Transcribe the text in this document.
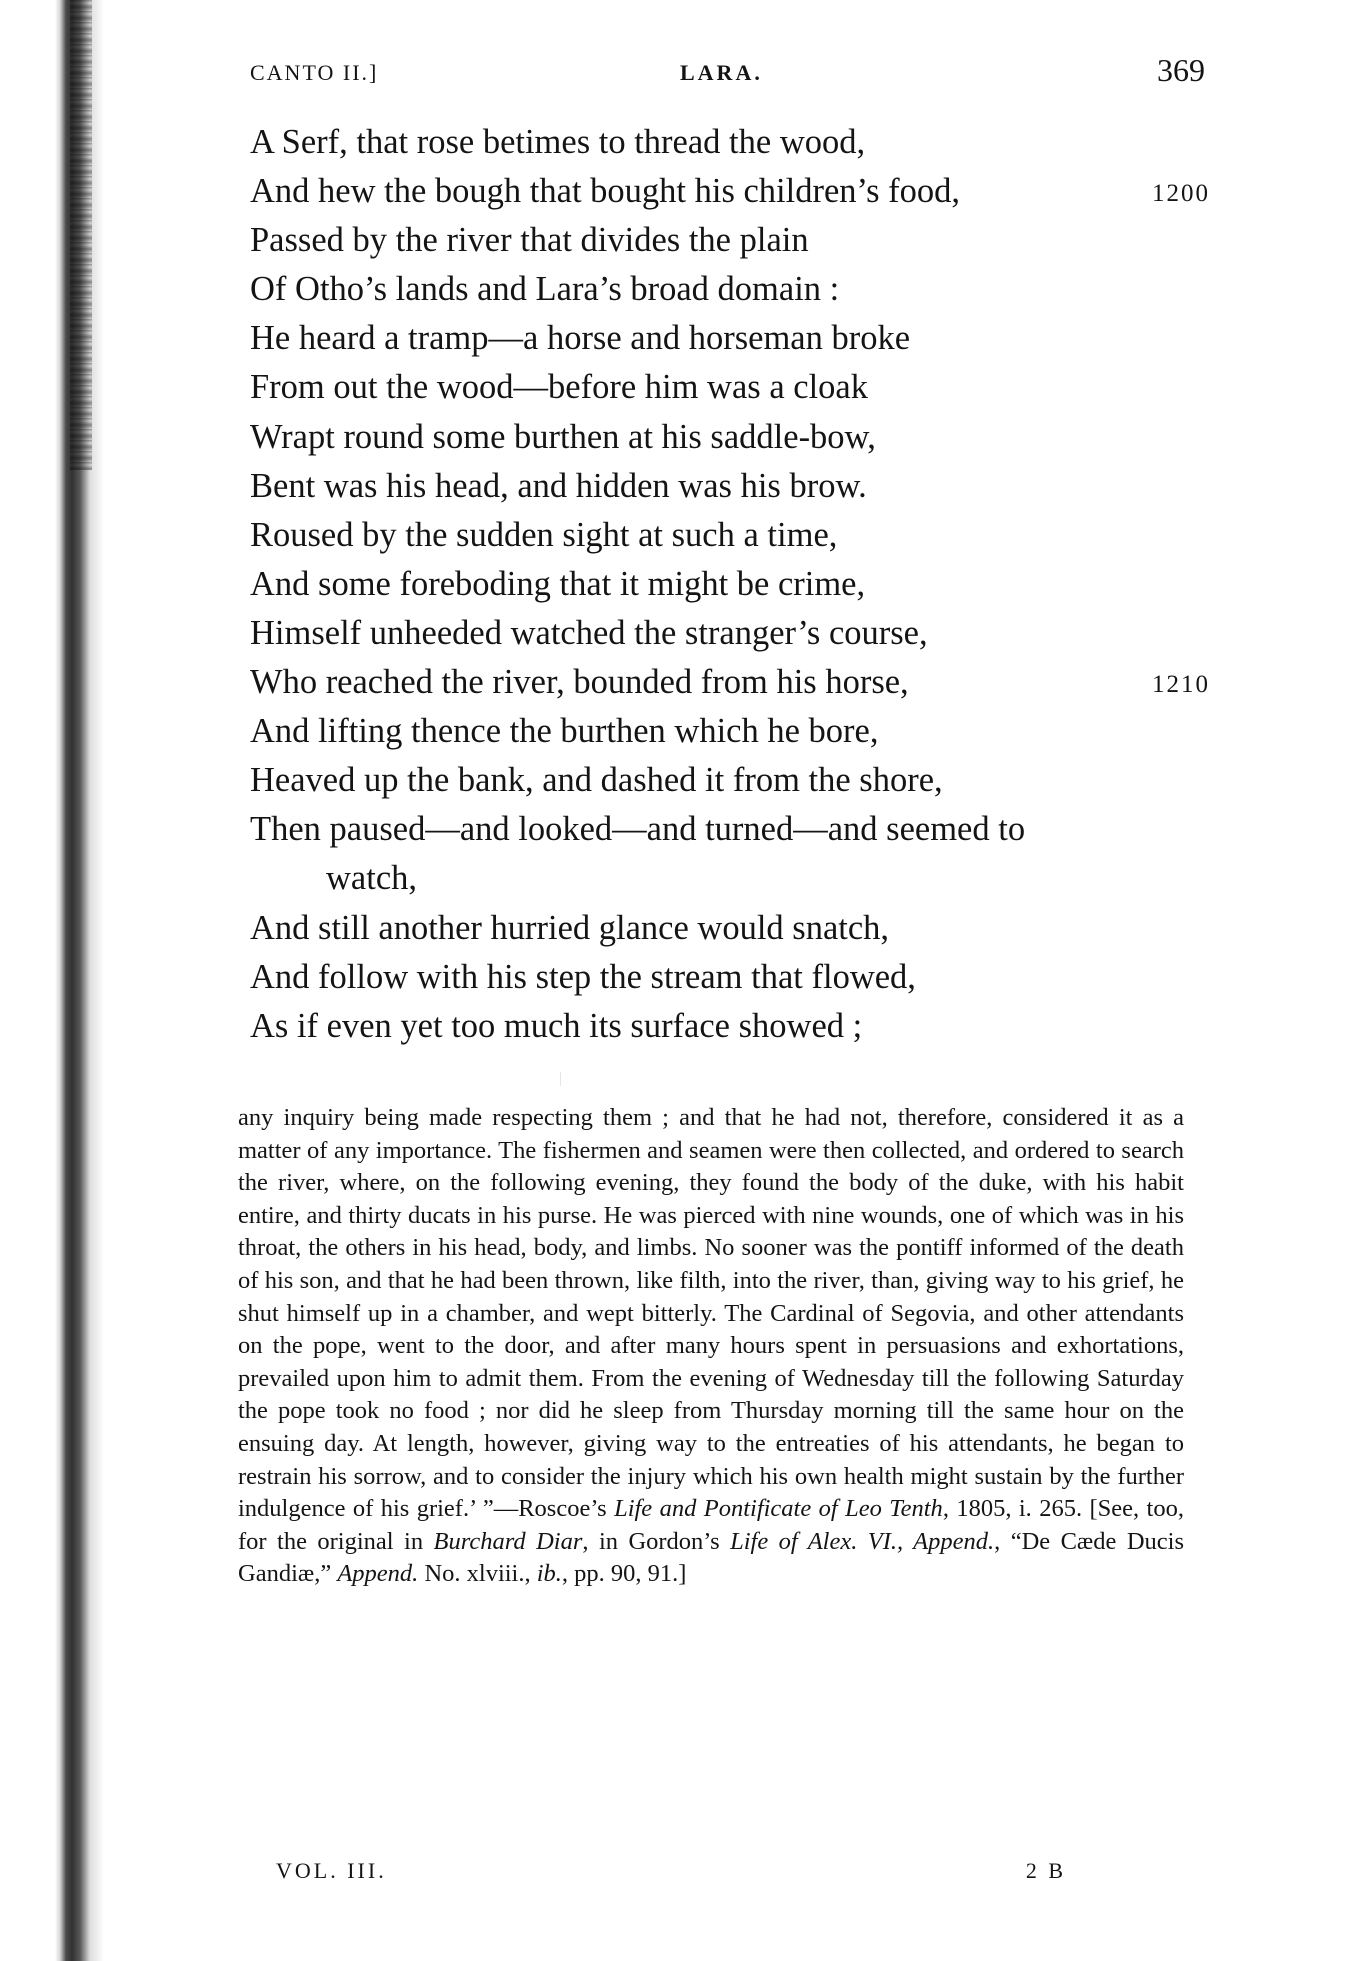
CANTO II.]	LARA.	369
A Serf, that rose betimes to thread the wood,
And hew the bough that bought his children’s food,	1200
Passed by the river that divides the plain
Of Otho’s lands and Lara’s broad domain :
He heard a tramp—a horse and horseman broke
From out the wood—before him was a cloak
Wrapt round some burthen at his saddle-bow,
Bent was his head, and hidden was his brow.
Roused by the sudden sight at such a time,
And some foreboding that it might be crime,
Himself unheeded watched the stranger’s course,
Who reached the river, bounded from his horse,	1210
And lifting thence the burthen which he bore,
Heaved up the bank, and dashed it from the shore,
Then paused—and looked—and turned—and seemed to
watch,
And still another hurried glance would snatch,
And follow with his step the stream that flowed,
As if even yet too much its surface showed ;

any inquiry being made respecting them ; and that he had not, therefore, considered it as a matter of any importance. The fishermen and seamen were then collected, and ordered to search the river, where, on the following evening, they found the body of the duke, with his habit entire, and thirty ducats in his purse. He was pierced with nine wounds, one of which was in his throat, the others in his head, body, and limbs. No sooner was the pontiff informed of the death of his son, and that he had been thrown, like filth, into the river, than, giving way to his grief, he shut himself up in a chamber, and wept bitterly. The Cardinal of Segovia, and other attendants on the pope, went to the door, and after many hours spent in persuasions and exhortations, prevailed upon him to admit them. From the evening of Wednesday till the following Saturday the pope took no food ; nor did he sleep from Thursday morning till the same hour on the ensuing day. At length, however, giving way to the entreaties of his attendants, he began to restrain his sorrow, and to consider the injury which his own health might sustain by the further indulgence of his grief.’ ”—Roscoe’s Life and Pontificate of Leo Tenth, 1805, i. 265. [See, too, for the original in Burchard Diar, in Gordon’s Life of Alex. VI., Append., “De Cæde Ducis Gandiæ,” Append. No. xlviii., ib., pp. 90, 91.]

VOL. III.	2 B
